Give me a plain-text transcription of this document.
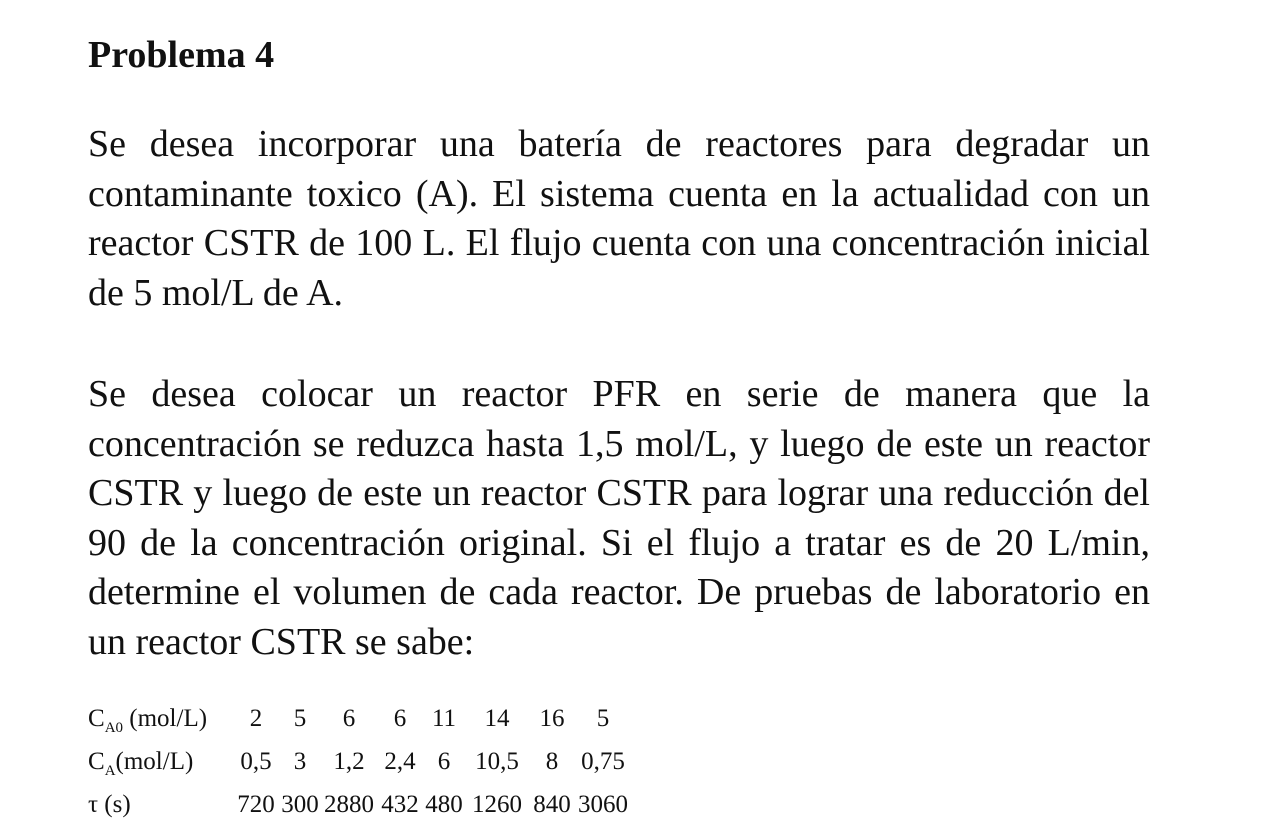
Problema 4

Se desea incorporar una batería de reactores para degradar un contaminante toxico (A). El sistema cuenta en la actualidad con un reactor CSTR de 100 L. El flujo cuenta con una concentración inicial de 5 mol/L de A.

Se desea colocar un reactor PFR en serie de manera que la concentración se reduzca hasta 1,5 mol/L, y luego de este un reactor CSTR y luego de este un reactor CSTR para lograr una reducción del 90 de la concentración original. Si el flujo a tratar es de 20 L/min, determine el volumen de cada reactor. De pruebas de laboratorio en un reactor CSTR se sabe:

$C_{A0}$ (mol/L)	2	5	6	6	11	14	16	5
$C_A(mol/L)$	0,5	3	1,2	2,4	6	10,5	8	0,75
τ (s)	720	300	2880	432	480	1260	840	3060
